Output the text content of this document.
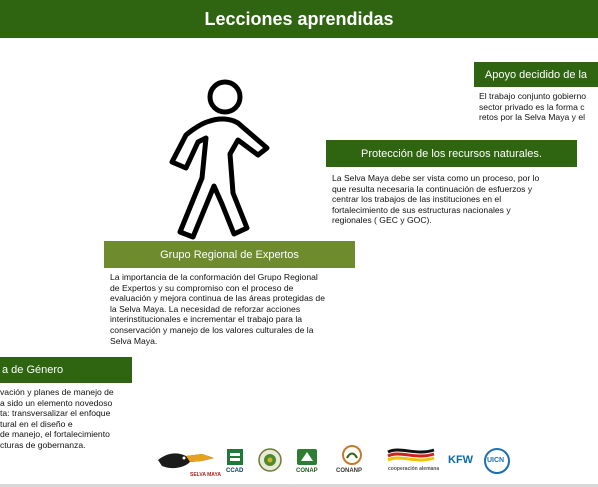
Lecciones aprendidas
Apoyo decidido de la

El trabajo conjunto gobierno
sector privado es la forma c
retos por la Selva Maya y el

Protección de los recursos naturales.

La Selva Maya debe ser vista como un proceso, por lo
que resulta necesaria la continuación de esfuerzos y
centrar los trabajos de las instituciones en el
fortalecimiento de sus estructuras nacionales y
regionales ( GEC y GOC).

Grupo Regional de Expertos

La importancia de la conformación del Grupo Regional
de Expertos y su compromiso con el proceso de
evaluación y mejora continua de las áreas protegidas de
la Selva Maya. La necesidad de reforzar acciones
interinstitucionales e incrementar el trabajo para la
conservación y manejo de los valores culturales de la
Selva Maya.

a de Género

vación y planes de manejo de
a sido un elemento novedoso
ta: transversalizar el enfoque
tural en el diseño e
de manejo, el fortalecimiento
cturas de gobernanza.

SELVA MAYA
CCAD	CONAP	CONANP	cooperación alemana
KFW UICN
